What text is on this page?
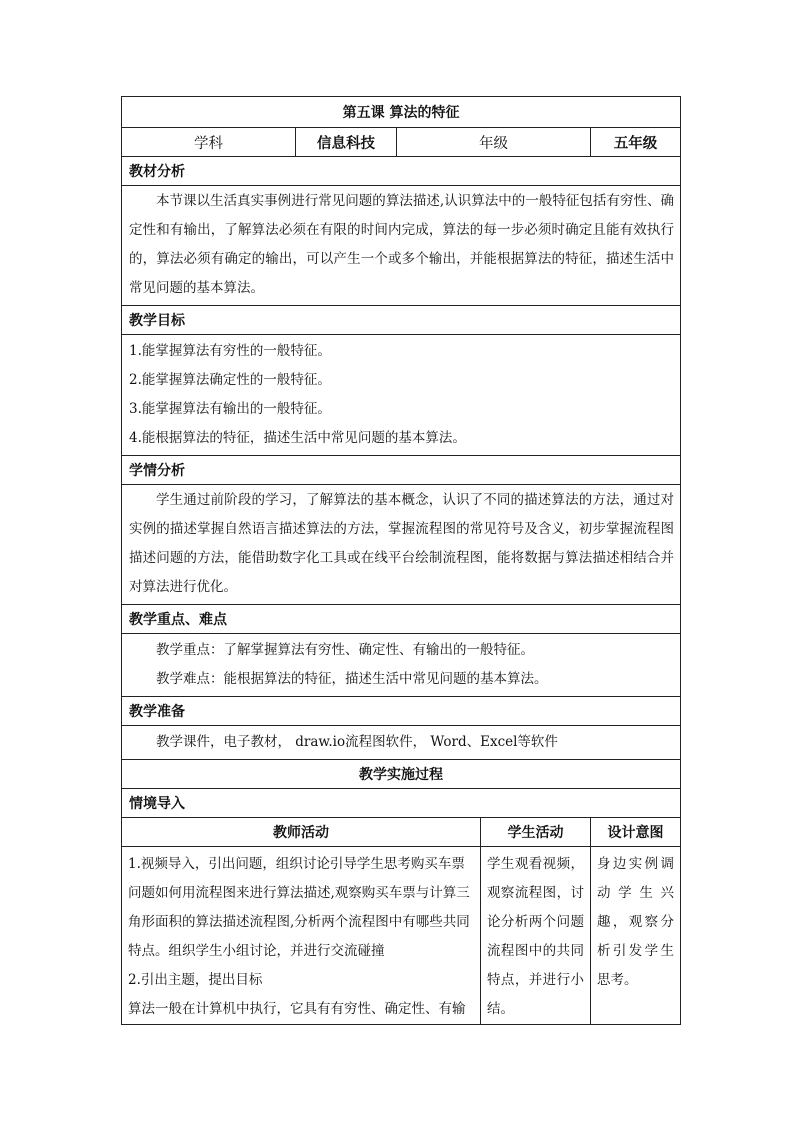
第五课 算法的特征				
学科	信息科技	年级		五年级
教材分析				

本节课以生活真实事例进行常见问题的算法描述,认识算法中的一般特征包括有穷性、确定性和有输出，了解算法必须在有限的时间内完成，算法的每一步必须时确定且能有效执行的，算法必须有确定的输出，可以产生一个或多个输出，并能根据算法的特征，描述生活中常见问题的基本算法。				

教学目标				

1.能掌握算法有穷性的一般特征。

2.能掌握算法确定性的一般特征。

3.能掌握算法有输出的一般特征。

4.能根据算法的特征，描述生活中常见问题的基本算法。				

学情分析				

学生通过前阶段的学习，了解算法的基本概念，认识了不同的描述算法的方法，通过对实例的描述掌握自然语言描述算法的方法，掌握流程图的常见符号及含义，初步掌握流程图描述问题的方法，能借助数字化工具或在线平台绘制流程图，能将数据与算法描述相结合并对算法进行优化。				

教学重点、难点				

教学重点：了解掌握算法有穷性、确定性、有输出的一般特征。

教学难点：能根据算法的特征，描述生活中常见问题的基本算法。				

教学准备				

教学课件，电子教材， draw.io流程图软件， Word、Excel等软件				

教学实施过程				
情境导入				
教师活动			学生活动	设计意图

1.视频导入，引出问题，组织讨论引导学生思考购买车票问题如何用流程图来进行算法描述,观察购买车票与计算三角形面积的算法描述流程图,分析两个流程图中有哪些共同特点。组织学生小组讨论，并进行交流碰撞

2.引出主题，提出目标

算法一般在计算机中执行，它具有有穷性、确定性、有输			学生观看视频，观察流程图，讨论分析两个问题流程图中的共同特点，并进行小结。	身边实例调动学生兴趣，观察分析引发学生思考。
